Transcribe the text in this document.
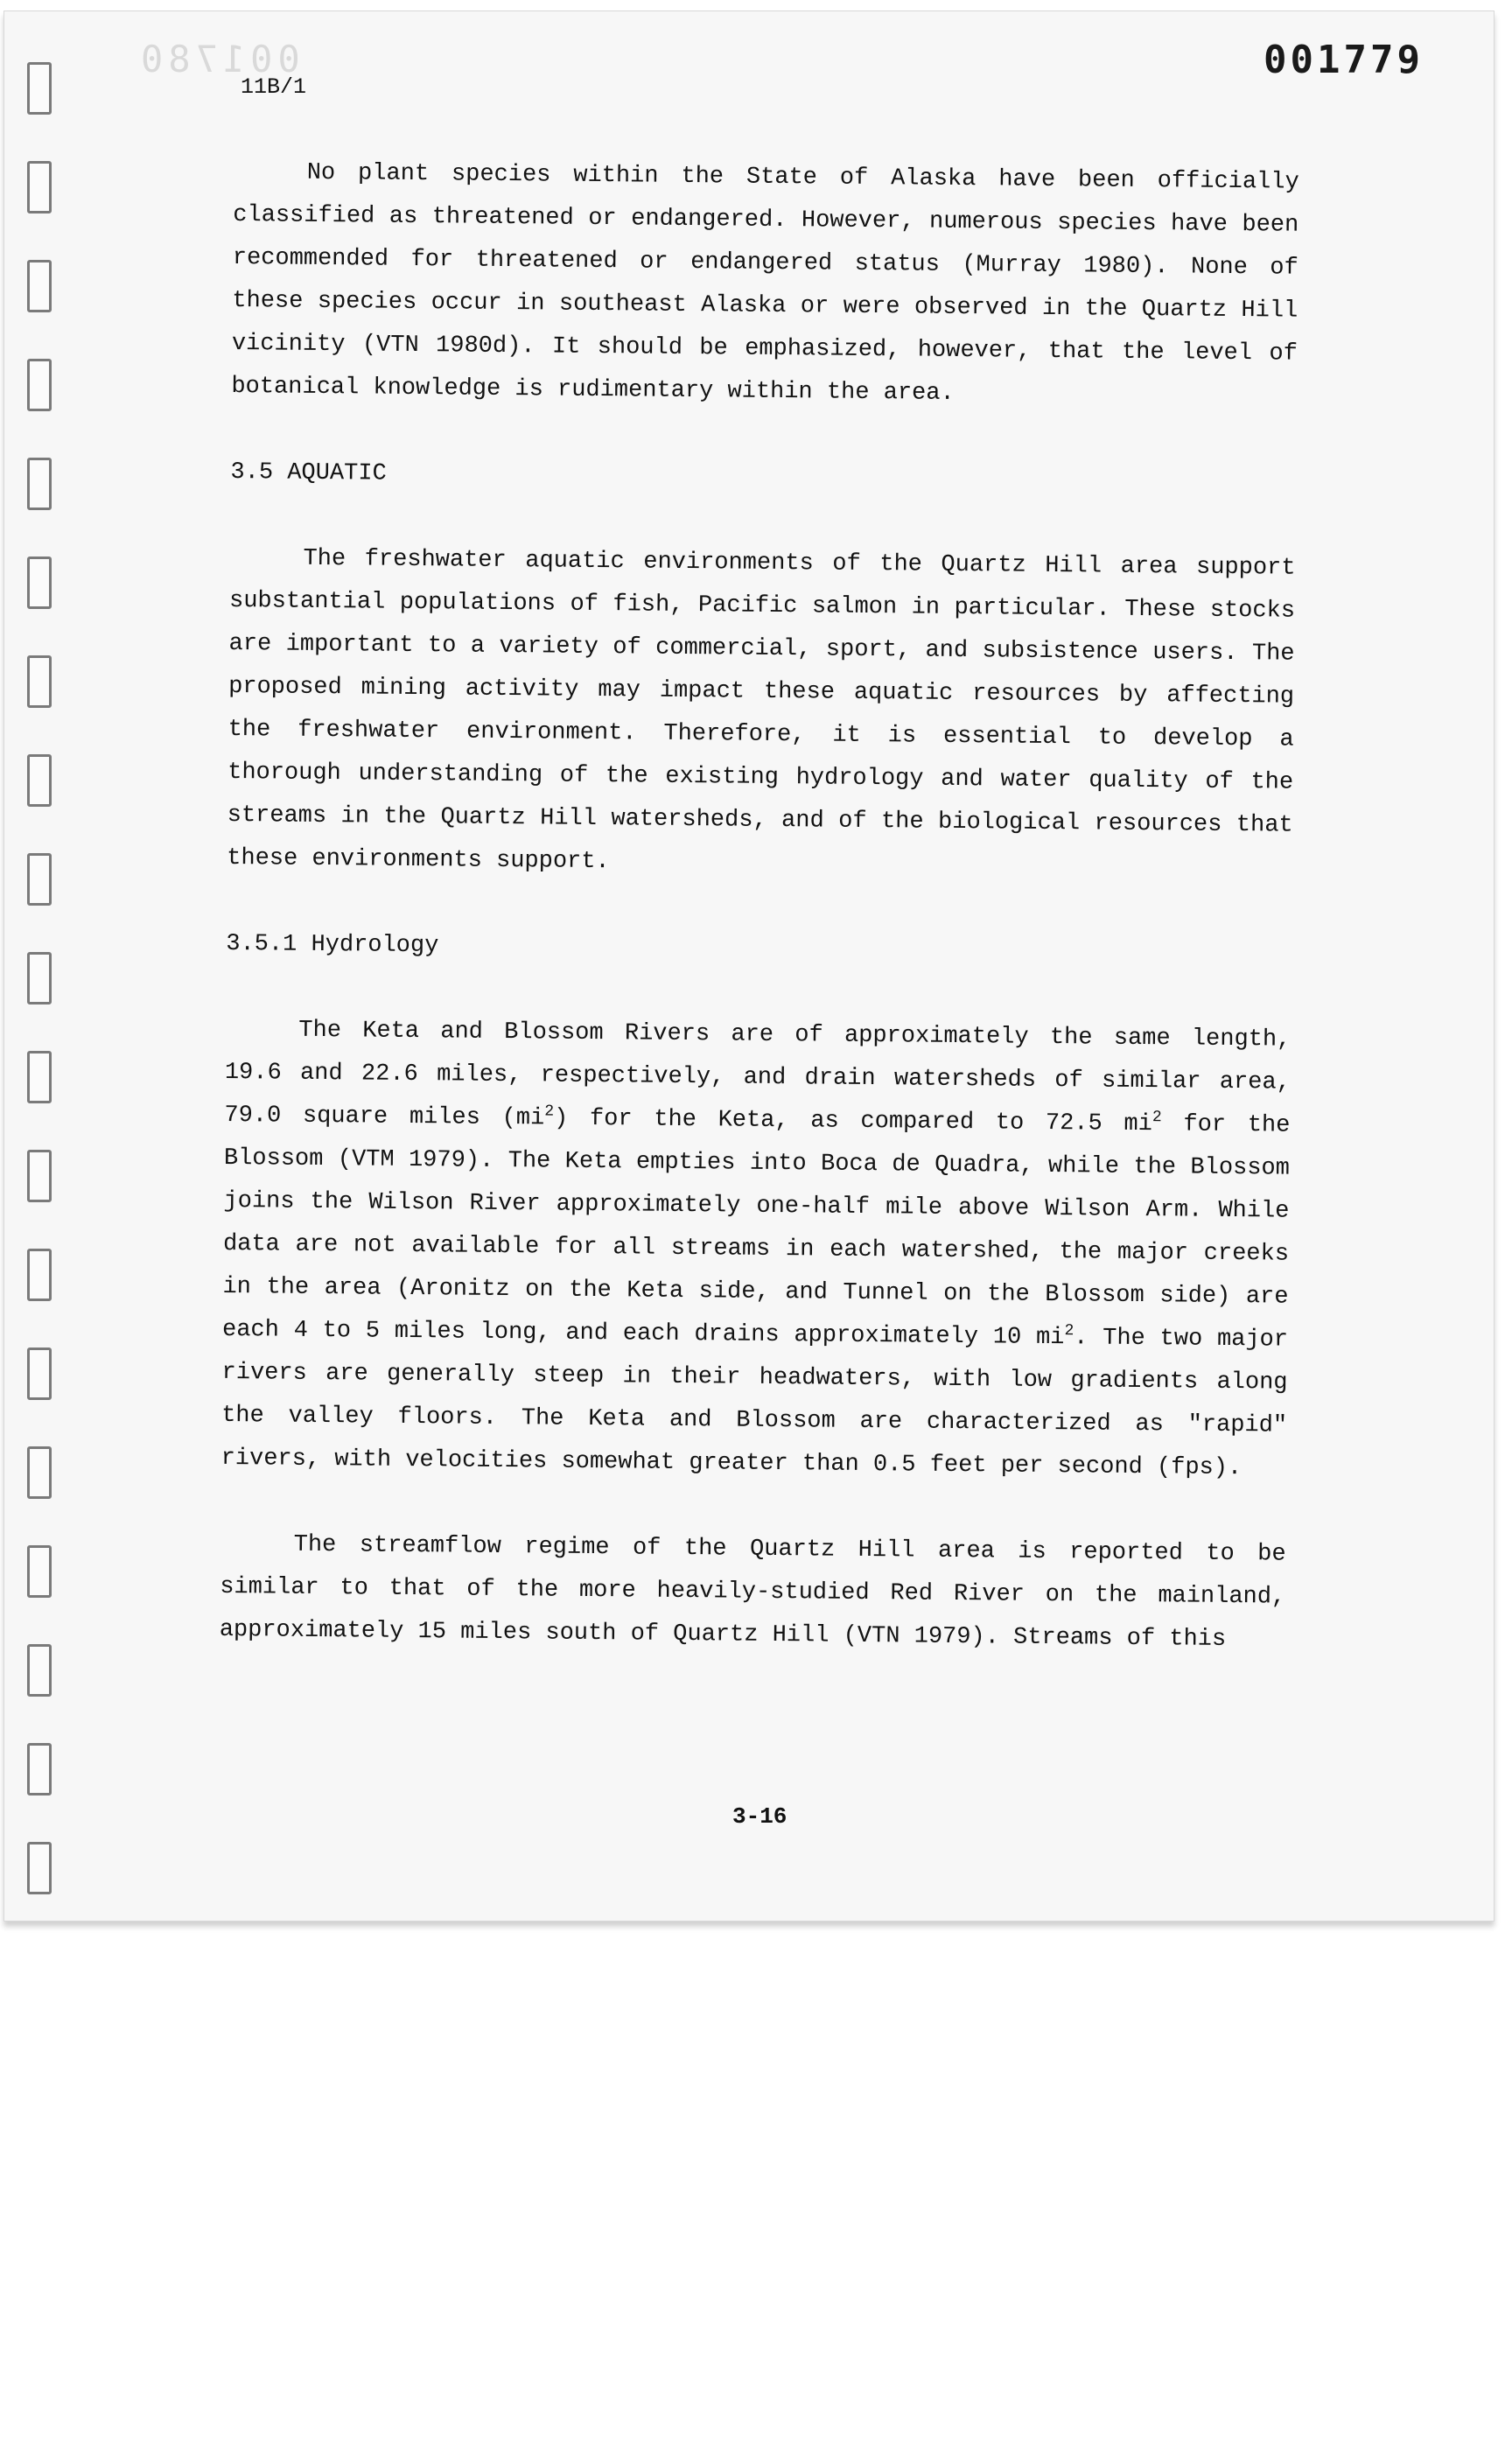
001780	001779
11B/1

No plant species within the State of Alaska have been officially classified as threatened or endangered. However, numerous species have been recommended for threatened or endangered status (Murray 1980). None of these species occur in southeast Alaska or were observed in the Quartz Hill vicinity (VTN 1980d). It should be emphasized, however, that the level of botanical knowledge is rudimentary within the area.

3.5 AQUATIC

The freshwater aquatic environments of the Quartz Hill area support substantial populations of fish, Pacific salmon in particular. These stocks are important to a variety of commercial, sport, and subsistence users. The proposed mining activity may impact these aquatic resources by affecting the freshwater environment. Therefore, it is essential to develop a thorough understanding of the existing hydrology and water quality of the streams in the Quartz Hill watersheds, and of the biological resources that these environments support.

3.5.1 Hydrology

The Keta and Blossom Rivers are of approximately the same length, 19.6 and 22.6 miles, respectively, and drain watersheds of similar area, 79.0 square miles $(mi^2)$ for the Keta, as compared to 72.5 $mi^2$ for the Blossom (VTM 1979). The Keta empties into Boca de Quadra, while the Blossom joins the Wilson River approximately one-half mile above Wilson Arm. While data are not available for all streams in each watershed, the major creeks in the area (Aronitz on the Keta side, and Tunnel on the Blossom side) are each 4 to 5 miles long, and each drains approximately 10 $mi^2$. The two major rivers are generally steep in their headwaters, with low gradients along the valley floors. The Keta and Blossom are characterized as "rapid" rivers, with velocities somewhat greater than 0.5 feet per second (fps).

The streamflow regime of the Quartz Hill area is reported to be similar to that of the more heavily-studied Red River on the mainland, approximately 15 miles south of Quartz Hill (VTN 1979). Streams of this

3-16
